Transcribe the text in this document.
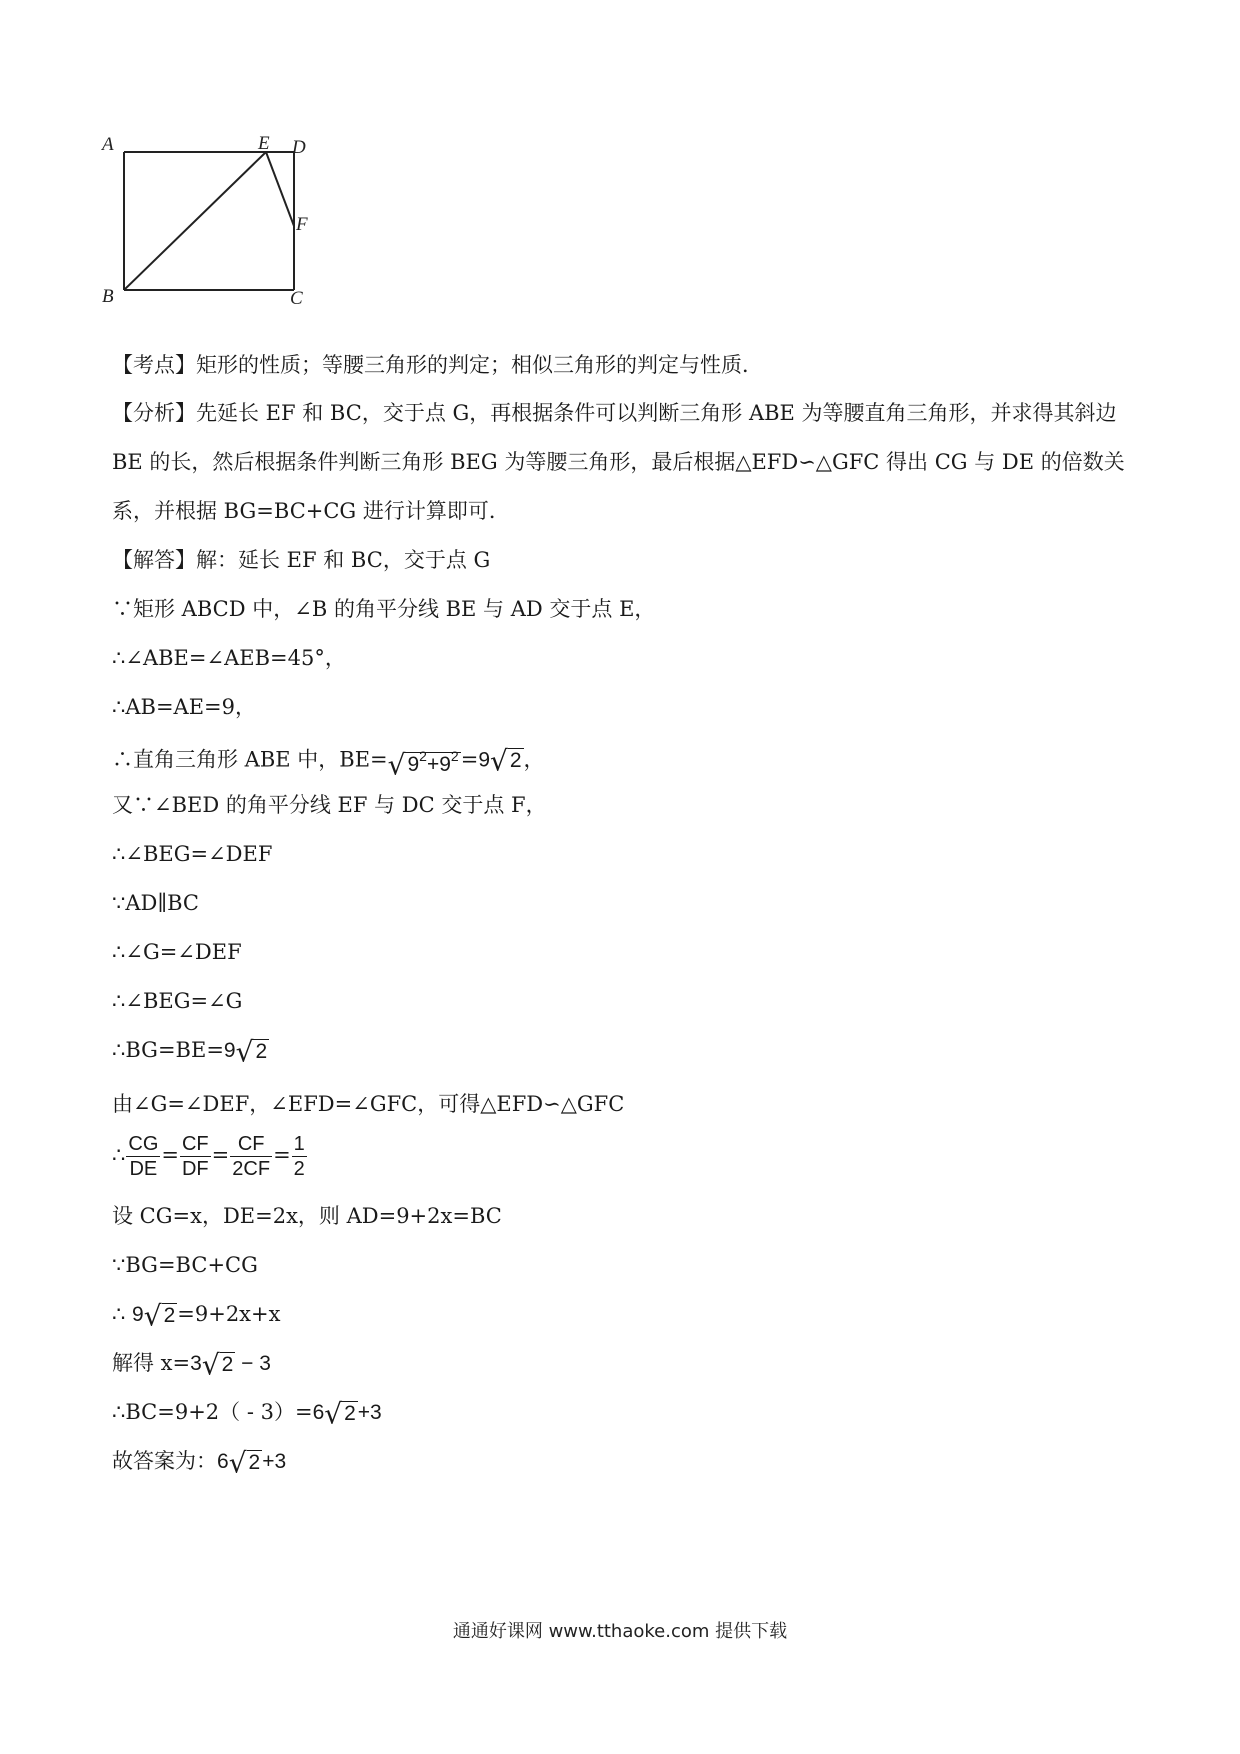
A
B	C
D
E
F
【考点】矩形的性质；等腰三角形的判定；相似三角形的判定与性质．
【分析】先延长 EF 和 BC，交于点 G，再根据条件可以判断三角形 ABE 为等腰直角三角形，并求得其斜边 BE 的长，然后根据条件判断三角形 BEG 为等腰三角形，最后根据△EFD∽△GFC 得出 CG 与 DE 的倍数关系，并根据 BG=BC+CG 进行计算即可．
【解答】解：延长 EF 和 BC，交于点 G
∵矩形 ABCD 中，∠B 的角平分线 BE 与 AD 交于点 E，
∴∠ABE=∠AEB=45°，
∴AB=AE=9，
∴直角三角形 ABE 中，$BE=√9^2+9^2=9√2$，
又∵∠BED 的角平分线 EF 与 DC 交于点 F，
∴∠BEG=∠DEF
∵AD∥BC
∴∠G=∠DEF
∴∠BEG=∠G
∴BG=BE=9√2
由∠G=∠DEF，∠EFD=∠GFC，可得△EFD∽△GFC
∴ $\frac{CG}{DE} = \frac{CF}{DF} = \frac{CF}{2CF} = \frac{1}{2}$
设 CG=x，DE=2x，则 AD=9+2x=BC
∵BG=BC+CG
∴ 9√2=9+2x+x
解得 x=3√2 − 3
∴BC=9+2（ - 3）=6√2+3
故答案为：6√2+3
通通好课网 www.tthaoke.com 提供下载
